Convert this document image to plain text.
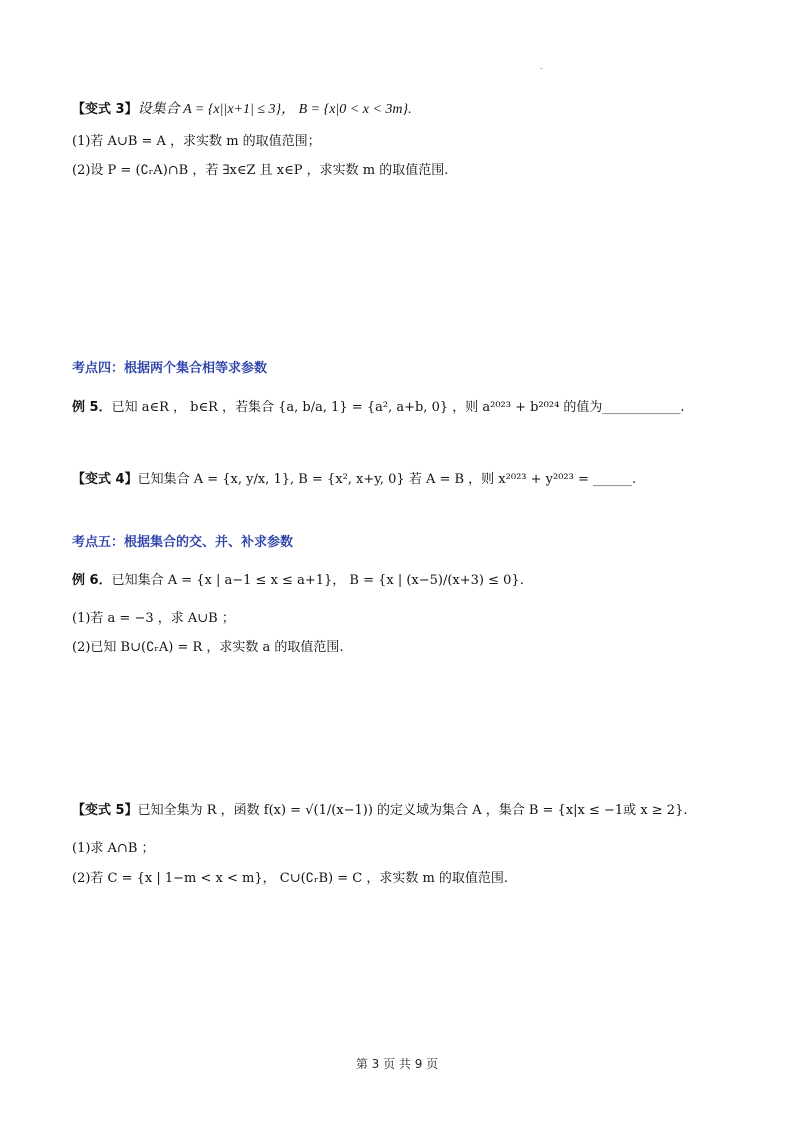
.
【变式 3】设集合 A = {x||x+1| ≤ 3}， B = {x|0 < x < 3m}.
(1)若 A∪B = A ，求实数 m 的取值范围；
(2)设 P = (∁ᵣA)∩B ，若 ∃x∈Z 且 x∈P ，求实数 m 的取值范围.
考点四：根据两个集合相等求参数
例 5．已知 a∈R ， b∈R ，若集合 {a, b/a, 1} = {a², a+b, 0} ，则 a²⁰²³ + b²⁰²⁴ 的值为____________.
【变式 4】已知集合 A = {x, y/x, 1}, B = {x², x+y, 0} 若 A = B ，则 x²⁰²³ + y²⁰²³ = ______.
考点五：根据集合的交、并、补求参数
例 6．已知集合 A = {x | a−1 ≤ x ≤ a+1}， B = {x | (x−5)/(x+3) ≤ 0}.
(1)若 a = −3 ，求 A∪B ；
(2)已知 B∪(∁ᵣA) = R ，求实数 a 的取值范围.
【变式 5】已知全集为 R ，函数 f(x) = √(1/(x−1)) 的定义域为集合 A ，集合 B = {x|x ≤ −1或 x ≥ 2}.
(1)求 A∩B ；
(2)若 C = {x | 1−m < x < m}， C∪(∁ᵣB) = C ，求实数 m 的取值范围.
第 3 页 共 9 页
